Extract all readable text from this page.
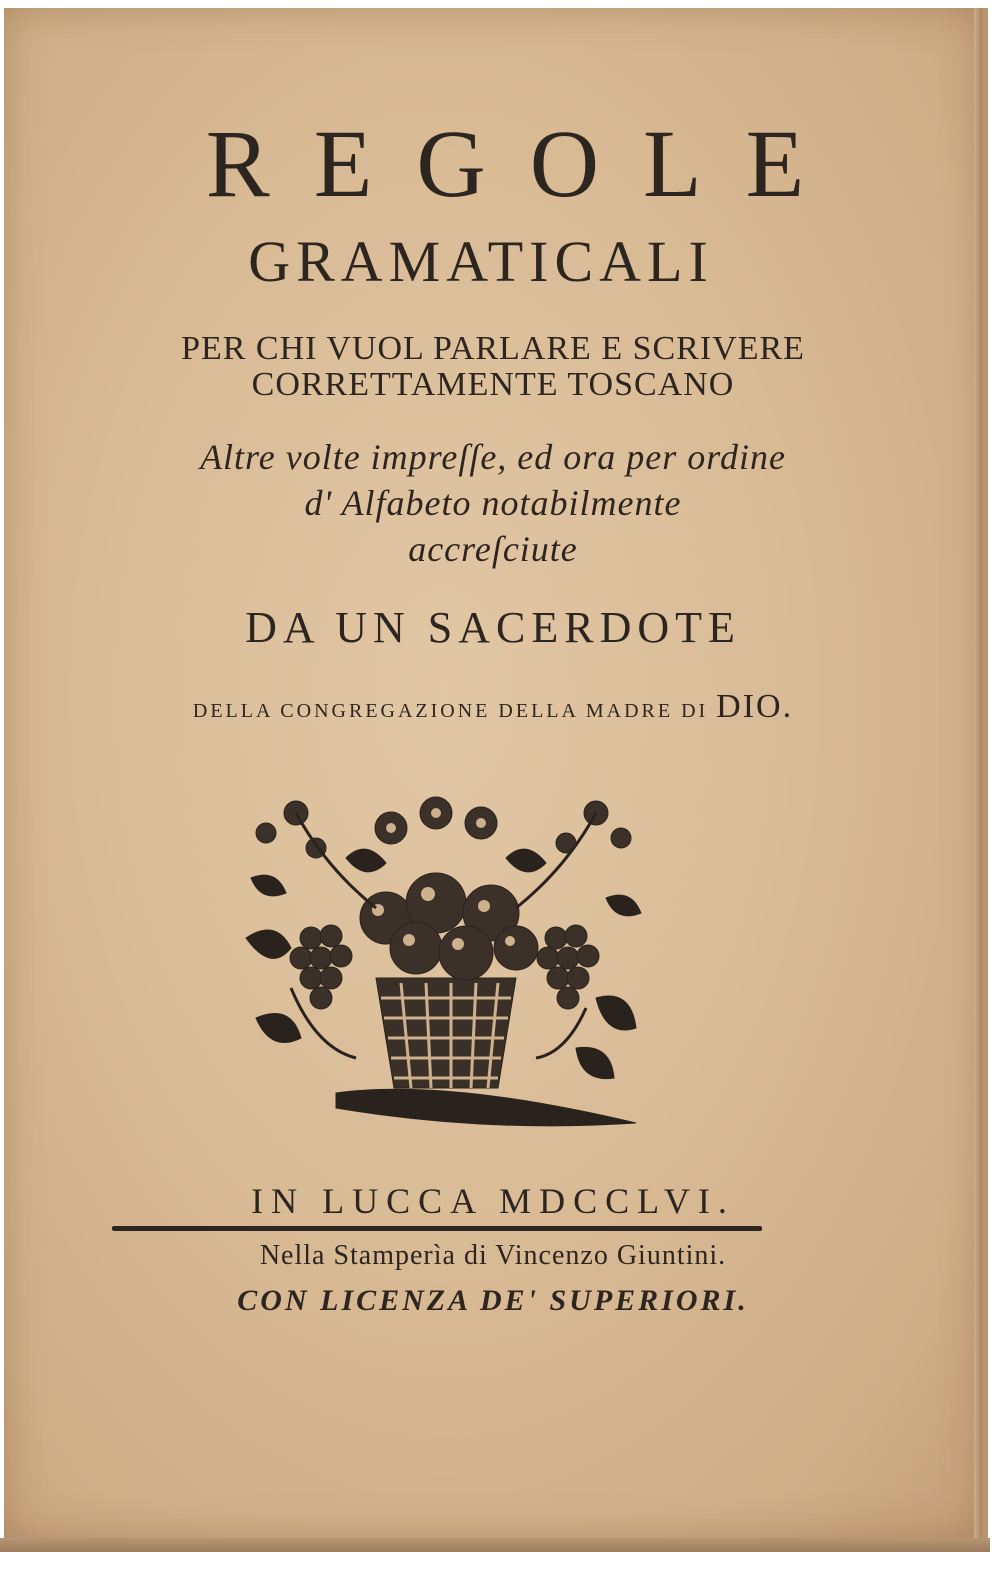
REGOLE
GRAMATICALI
PER CHI VUOL PARLARE E SCRIVERE
CORRETTAMENTE TOSCANO
Altre volte impreſſe, ed ora per ordine
d' Alfabeto notabilmente
accreſciute
DA UN SACERDOTE
DELLA CONGREGAZIONE DELLA MADRE DI DIO.
IN LUCCA MDCCLVI.
Nella Stamperìa di Vincenzo Giuntini.
CON LICENZA DE' SUPERIORI.
